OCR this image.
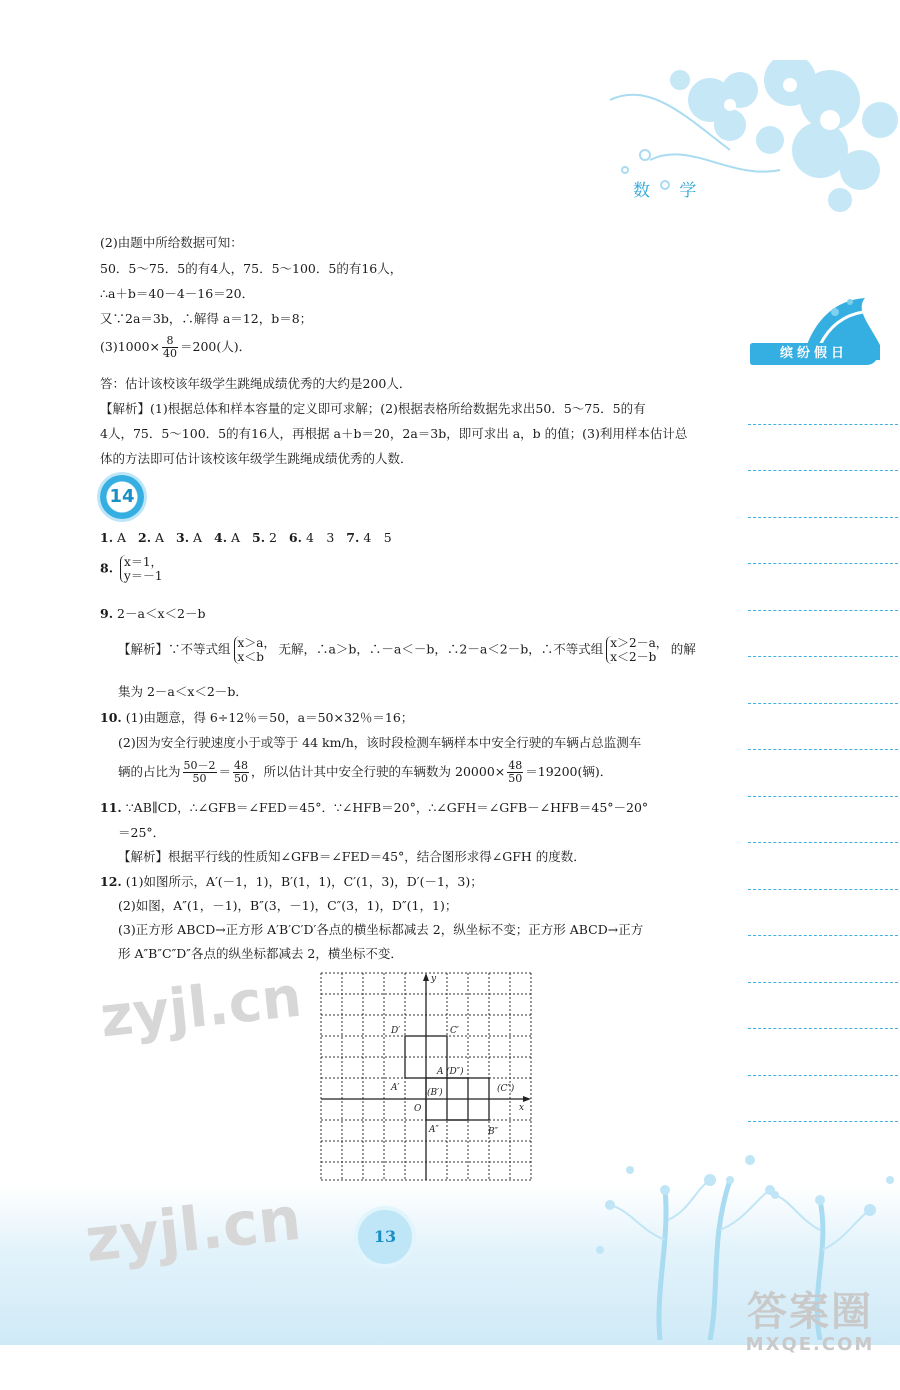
数 学
缤纷假日
(2)由题中所给数据可知：
50．5～75．5的有4人，75．5～100．5的有16人，
∴a＋b＝40－4－16＝20．
又∵2a＝3b，∴解得 a＝12，b＝8；
$(3)1000\times \frac{8}{40} =200$(人)．
答：估计该校该年级学生跳绳成绩优秀的大约是200人．
【解析】(1)根据总体和样本容量的定义即可求解；(2)根据表格所给数据先求出50．5～75．5的有
4人，75．5～100．5的有16人，再根据 a＋b＝20，2a＝3b，即可求出 a，b 的值；(3)利用样本估计总
体的方法即可估计该校该年级学生跳绳成绩优秀的人数．
14
1. A 2. A 3. A 4. A 5. 2 6. 4　3 7. 4　5
8. x＝1，
y＝－1
9. 2－a＜x＜2－b
【解析】∵不等式组 x＞a，
x＜b
无解，∴a＞b，∴－a＜－b，∴2－a＜2－b，∴不等式组 x＞2－a，
x＜2－b
的解
集为 2－a＜x＜2－b．
10. (1)由题意，得 6÷12％＝50，a＝50×32％＝16；
(2)因为安全行驶速度小于或等于 44 km/h，该时段检测车辆样本中安全行驶的车辆占总监测车
辆的占比为 $\frac{50-2}{50} = \frac{48}{50}$ ，所以估计其中安全行驶的车辆数为 $20000\times \frac{48}{50} =19200$(辆)．
11. ∵AB∥CD，∴∠GFB＝∠FED＝45°．∵∠HFB＝20°，∴∠GFH＝∠GFB－∠HFB＝45°－20°
＝25°．
【解析】根据平行线的性质知∠GFB＝∠FED＝45°，结合图形求得∠GFH 的度数．
12. (1)如图所示，A′(－1，1)，B′(1，1)，C′(1，3)，D′(－1，3)；
(2)如图，A″(1，－1)，B″(3，－1)，C″(3，1)，D″(1，1)；
(3)正方形 ABCD→正方形 A′B′C′D′各点的横坐标都减去 2，纵坐标不变；正方形 ABCD→正方
形 A″B″C″D″各点的纵坐标都减去 2，横坐标不变．
y
x
O
D′	C′
A′	(B′)
A (D″)
(C″)
A″	B″
13
zyjl.cn
zyjl.cn
答案圈
MXQE.COM
